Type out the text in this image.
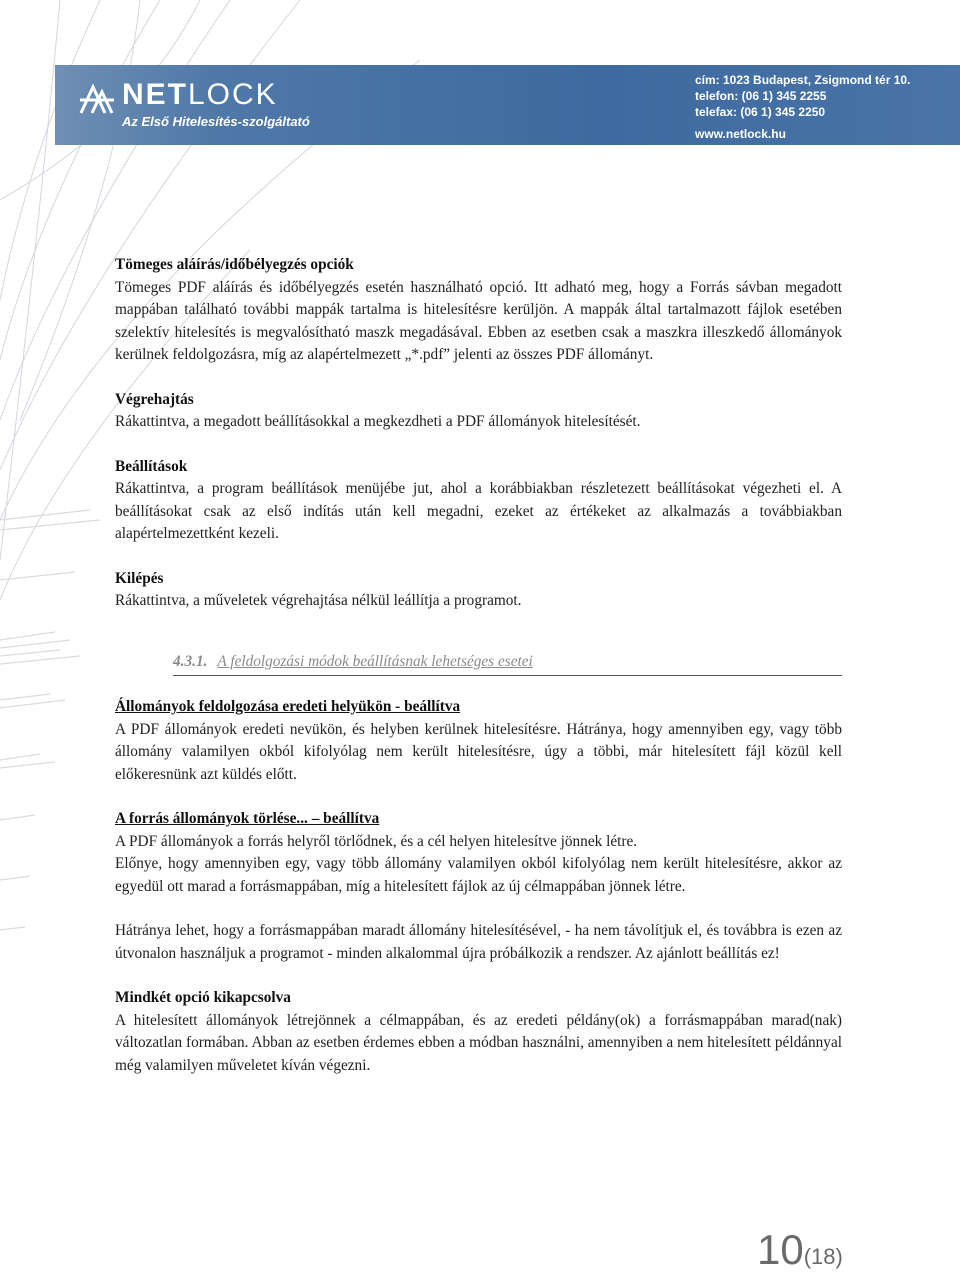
NETLOCK
Az Első Hitelesítés-szolgáltató
cím: 1023 Budapest, Zsigmond tér 10.
telefon: (06 1) 345 2255
telefax: (06 1) 345 2250
www.netlock.hu

Tömeges aláírás/időbélyegzés opciók

Tömeges PDF aláírás és időbélyegzés esetén használható opció. Itt adható meg, hogy a Forrás sávban megadott mappában található további mappák tartalma is hitelesítésre kerüljön. A mappák által tartalmazott fájlok esetében szelektív hitelesítés is megvalósítható maszk megadásával. Ebben az esetben csak a maszkra illeszkedő állományok kerülnek feldolgozásra, míg az alapértelmezett „*.pdf” jelenti az összes PDF állományt.

Végrehajtás

Rákattintva, a megadott beállításokkal a megkezdheti a PDF állományok hitelesítését.

Beállítások

Rákattintva, a program beállítások menüjébe jut, ahol a korábbiakban részletezett beállításokat végezheti el. A beállításokat csak az első indítás után kell megadni, ezeket az értékeket az alkalmazás a továbbiakban alapértelmezettként kezeli.

Kilépés

Rákattintva, a műveletek végrehajtása nélkül leállítja a programot.

4.3.1. A feldolgozási módok beállításnak lehetséges esetei

Állományok feldolgozása eredeti helyükön - beállítva

A PDF állományok eredeti nevükön, és helyben kerülnek hitelesítésre. Hátránya, hogy amennyiben egy, vagy több állomány valamilyen okból kifolyólag nem került hitelesítésre, úgy a többi, már hitelesített fájl közül kell előkeresnünk azt küldés előtt.

A forrás állományok törlése... – beállítva

A PDF állományok a forrás helyről törlődnek, és a cél helyen hitelesítve jönnek létre.

Előnye, hogy amennyiben egy, vagy több állomány valamilyen okból kifolyólag nem került hitelesítésre, akkor az egyedül ott marad a forrásmappában, míg a hitelesített fájlok az új célmappában jönnek létre.

Hátránya lehet, hogy a forrásmappában maradt állomány hitelesítésével, - ha nem távolítjuk el, és továbbra is ezen az útvonalon használjuk a programot - minden alkalommal újra próbálkozik a rendszer. Az ajánlott beállítás ez!

Mindkét opció kikapcsolva

A hitelesített állományok létrejönnek a célmappában, és az eredeti példány(ok) a forrásmappában marad(nak) változatlan formában. Abban az esetben érdemes ebben a módban használni, amennyiben a nem hitelesített példánnyal még valamilyen műveletet kíván végezni.

10(18)
